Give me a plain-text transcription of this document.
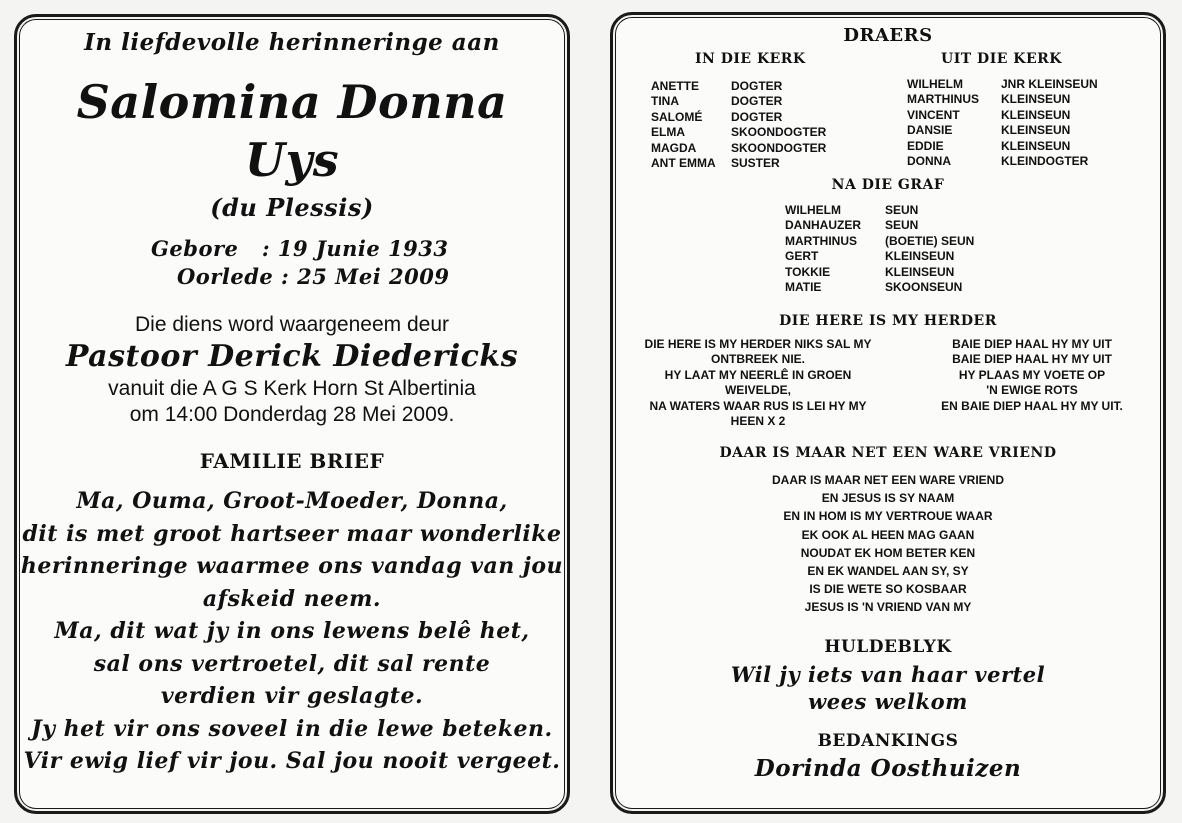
In liefdevolle herinneringe aan
Salomina Donna
Uys
(du Plessis)
Gebore   : 19 Junie 1933
Oorlede : 25 Mei 2009
Die diens word waargeneem deur
Pastoor Derick Diedericks
vanuit die A G S Kerk Horn St Albertinia
om 14:00 Donderdag 28 Mei 2009.
FAMILIE BRIEF
Ma, Ouma, Groot-Moeder, Donna,
dit is met groot hartseer maar wonderlike
herinneringe waarmee ons vandag van jou
afskeid neem.
Ma, dit wat jy in ons lewens belê het,
sal ons vertroetel, dit sal rente
verdien vir geslagte.
Jy het vir ons soveel in die lewe beteken.
Vir ewig lief vir jou. Sal jou nooit vergeet.
DRAERS
IN DIE KERK	UIT DIE KERK
ANETTE
TINA
SALOMÉ
ELMA
MAGDA
ANT EMMA
DOGTER
DOGTER
DOGTER
SKOONDOGTER
SKOONDOGTER
SUSTER
WILHELM
MARTHINUS
VINCENT
DANSIE
EDDIE
DONNA
JNR KLEINSEUN
KLEINSEUN
KLEINSEUN
KLEINSEUN
KLEINSEUN
KLEINDOGTER
NA DIE GRAF
WILHELM
DANHAUZER
MARTHINUS
GERT
TOKKIE
MATIE
SEUN
SEUN
(BOETIE) SEUN
KLEINSEUN
KLEINSEUN
SKOONSEUN
DIE HERE IS MY HERDER
DIE HERE IS MY HERDER NIKS SAL MY
ONTBREEK NIE.
HY LAAT MY NEERLÊ IN GROEN
WEIVELDE,
NA WATERS WAAR RUS IS LEI HY MY
HEEN X 2
BAIE DIEP HAAL HY MY UIT
BAIE DIEP HAAL HY MY UIT
HY PLAAS MY VOETE OP
'N EWIGE ROTS
EN BAIE DIEP HAAL HY MY UIT.
DAAR IS MAAR NET EEN WARE VRIEND
DAAR IS MAAR NET EEN WARE VRIEND
EN JESUS IS SY NAAM
EN IN HOM IS MY VERTROUE WAAR
EK OOK AL HEEN MAG GAAN
NOUDAT EK HOM BETER KEN
EN EK WANDEL AAN SY, SY
IS DIE WETE SO KOSBAAR
JESUS IS 'N VRIEND VAN MY
HULDEBLYK
Wil jy iets van haar vertel
wees welkom
BEDANKINGS
Dorinda Oosthuizen
